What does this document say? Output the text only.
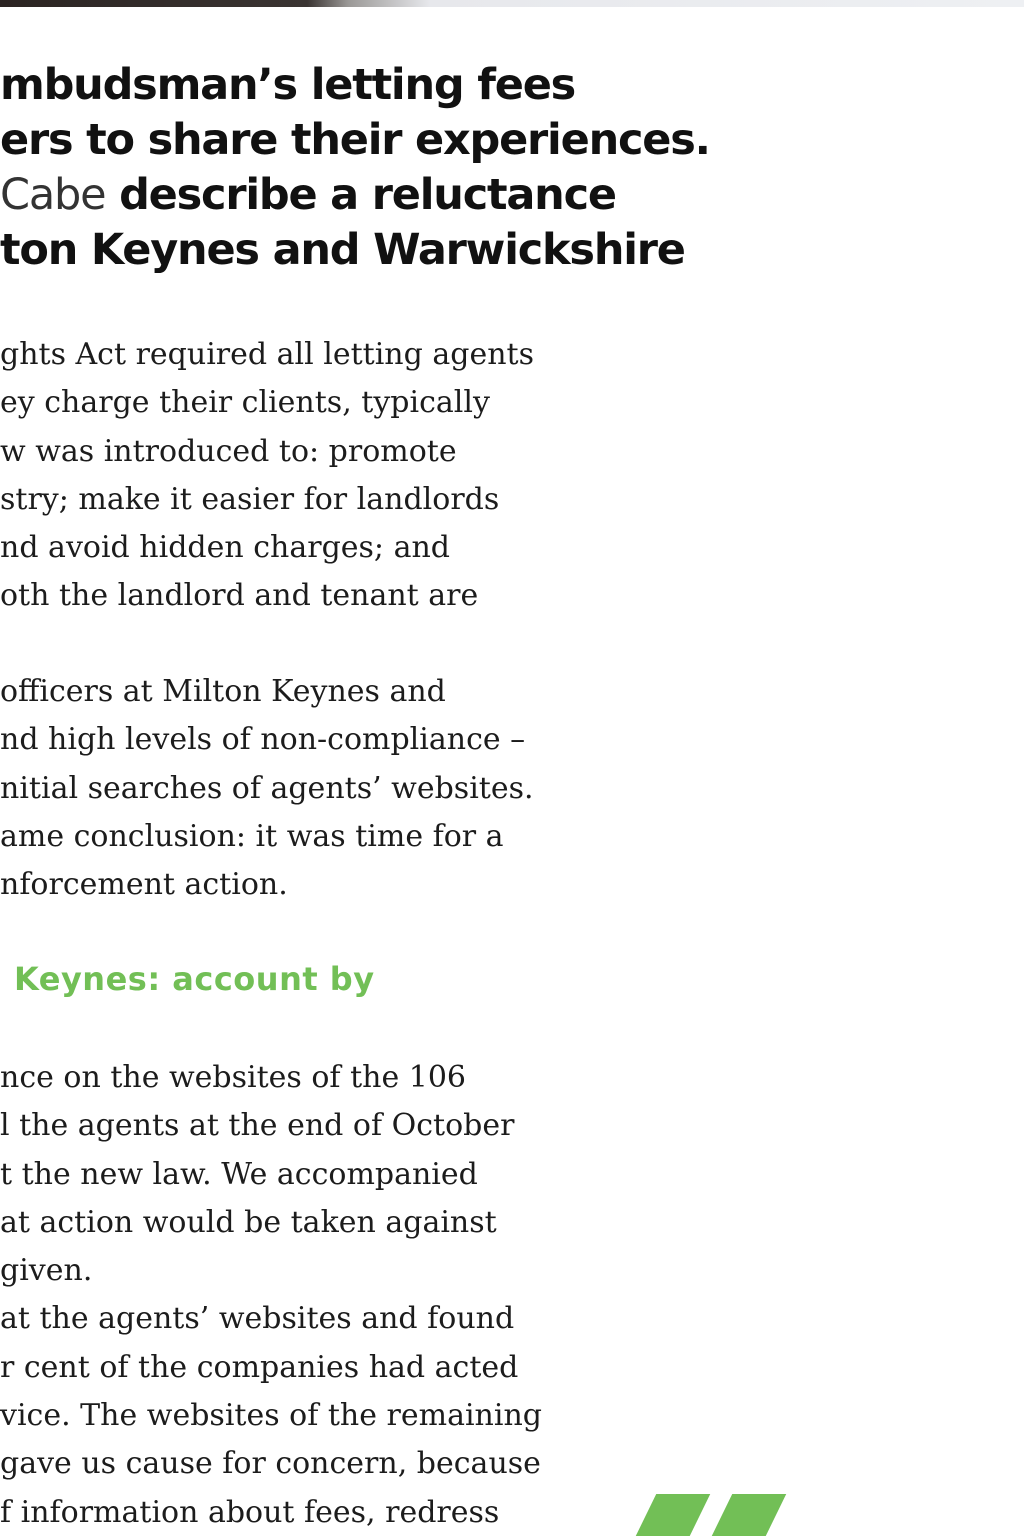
mbudsman’s letting fees
ers to share their experiences.
Cabe describe a reluctance
ton Keynes and Warwickshire
ghts Act required all letting agents
ey charge their clients, typically
w was introduced to: promote
stry; make it easier for landlords
nd avoid hidden charges; and
oth the landlord and tenant are
officers at Milton Keynes and
nd high levels of non-compliance –
nitial searches of agents’ websites.
ame conclusion: it was time for a
nforcement action.
Keynes: account by
nce on the websites of the 106
l the agents at the end of October
t the new law. We accompanied
at action would be taken against
given.
at the agents’ websites and found
r cent of the companies had acted
vice. The websites of the remaining
gave us cause for concern, because
f information about fees, redress
